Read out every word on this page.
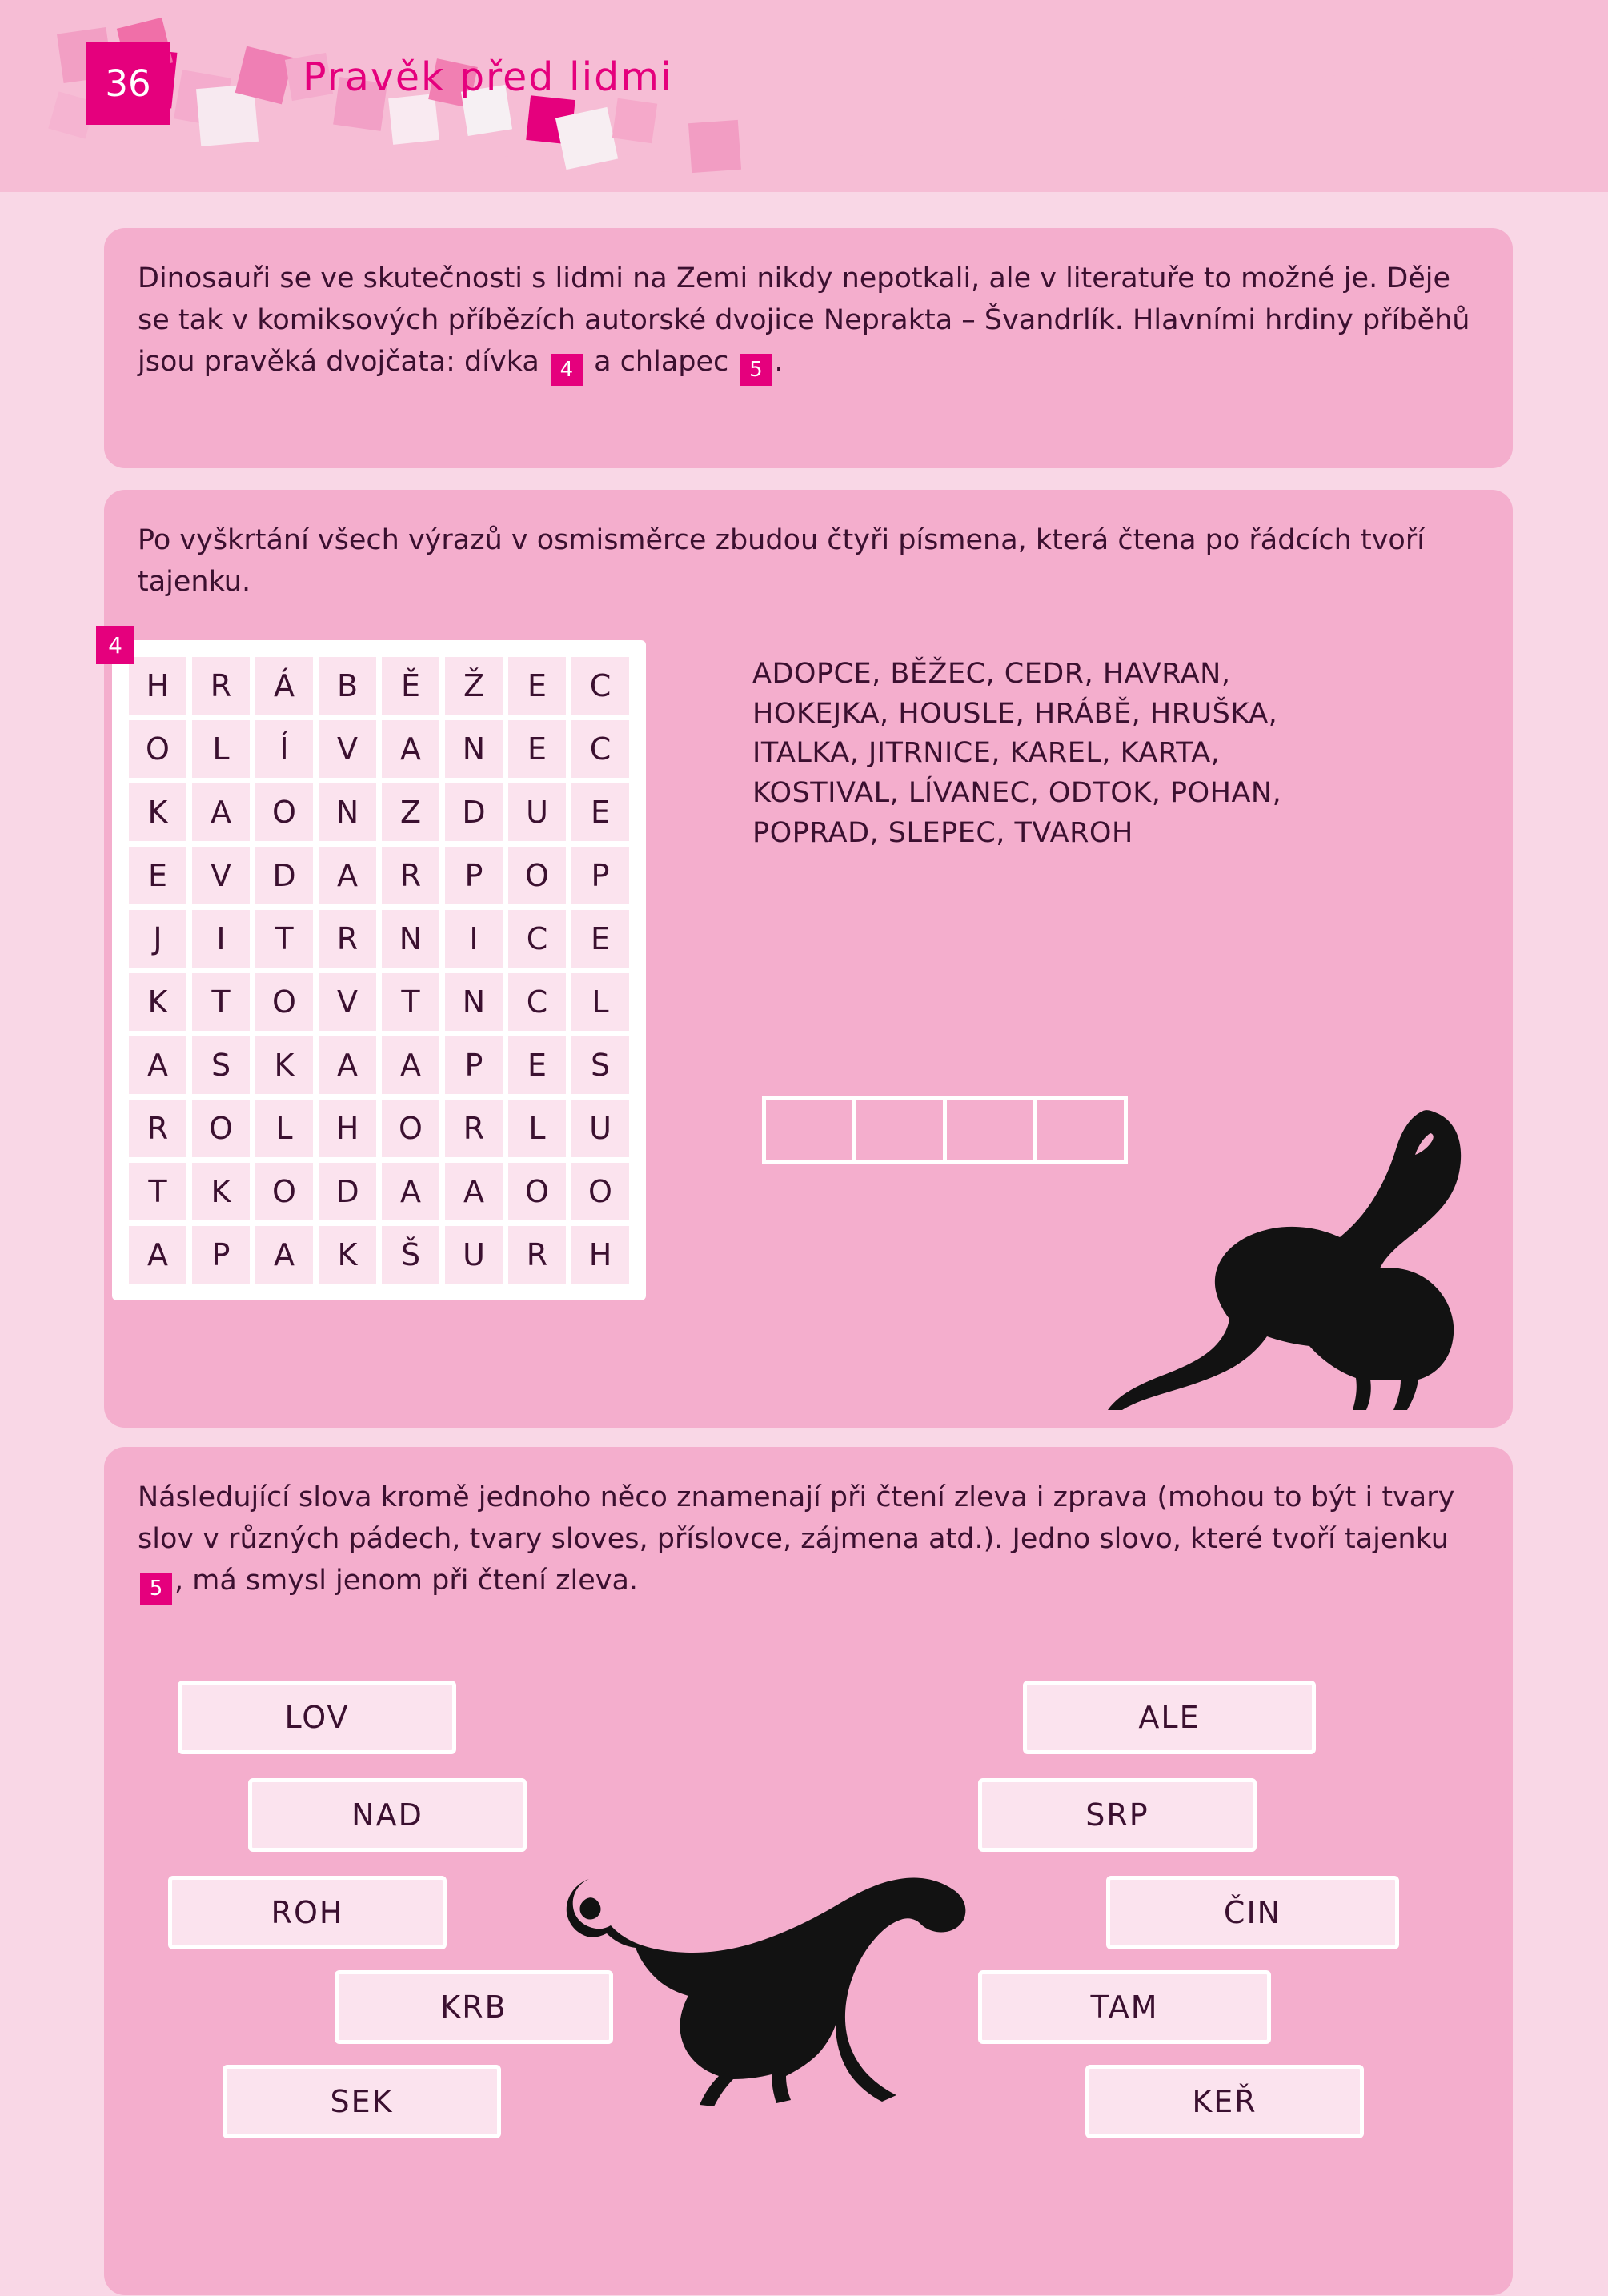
36	Pravěk před lidmi
Dinosauři se ve skutečnosti s lidmi na Zemi nikdy nepotkali, ale v literatuře to možné je. Děje se tak v komiksových příbězích autorské dvojice Neprakta – Švandrlík. Hlavními hrdiny příběhů jsou pravěká dvojčata: dívka 4 a chlapec 5 .
Po vyškrtání všech výrazů v osmisměrce zbudou čtyři písmena, která čtena po řádcích tvoří tajenku.
4
H	R	Á	B	Ě	Ž	E	C
O	L	Í	V	A	N	E	C
K	A	O	N	Z	D	U	E
E	V	D	A	R	P	O	P
J	I	T	R	N	I	C	E
K	T	O	V	T	N	C	L
A	S	K	A	A	P	E	S
R	O	L	H	O	R	L	U
T	K	O	D	A	A	O	O
A	P	A	K	Š	U	R	H
ADOPCE, BĚŽEC, CEDR, HAVRAN, HOKEJKA, HOUSLE, HRÁBĚ, HRUŠKA, ITALKA, JITRNICE, KAREL, KARTA, KOSTIVAL, LÍVANEC, ODTOK, POHAN, POPRAD, SLEPEC, TVAROH
Následující slova kromě jednoho něco znamenají při čtení zleva i zprava (mohou to být i tvary slov v různých pádech, tvary sloves, příslovce, zájmena atd.). Jedno slovo, které tvoří tajenku 5 , má smysl jenom při čtení zleva.
LOV
NAD
ROH
KRB
SEK
ALE
SRP
ČIN
TAM
KEŘ
